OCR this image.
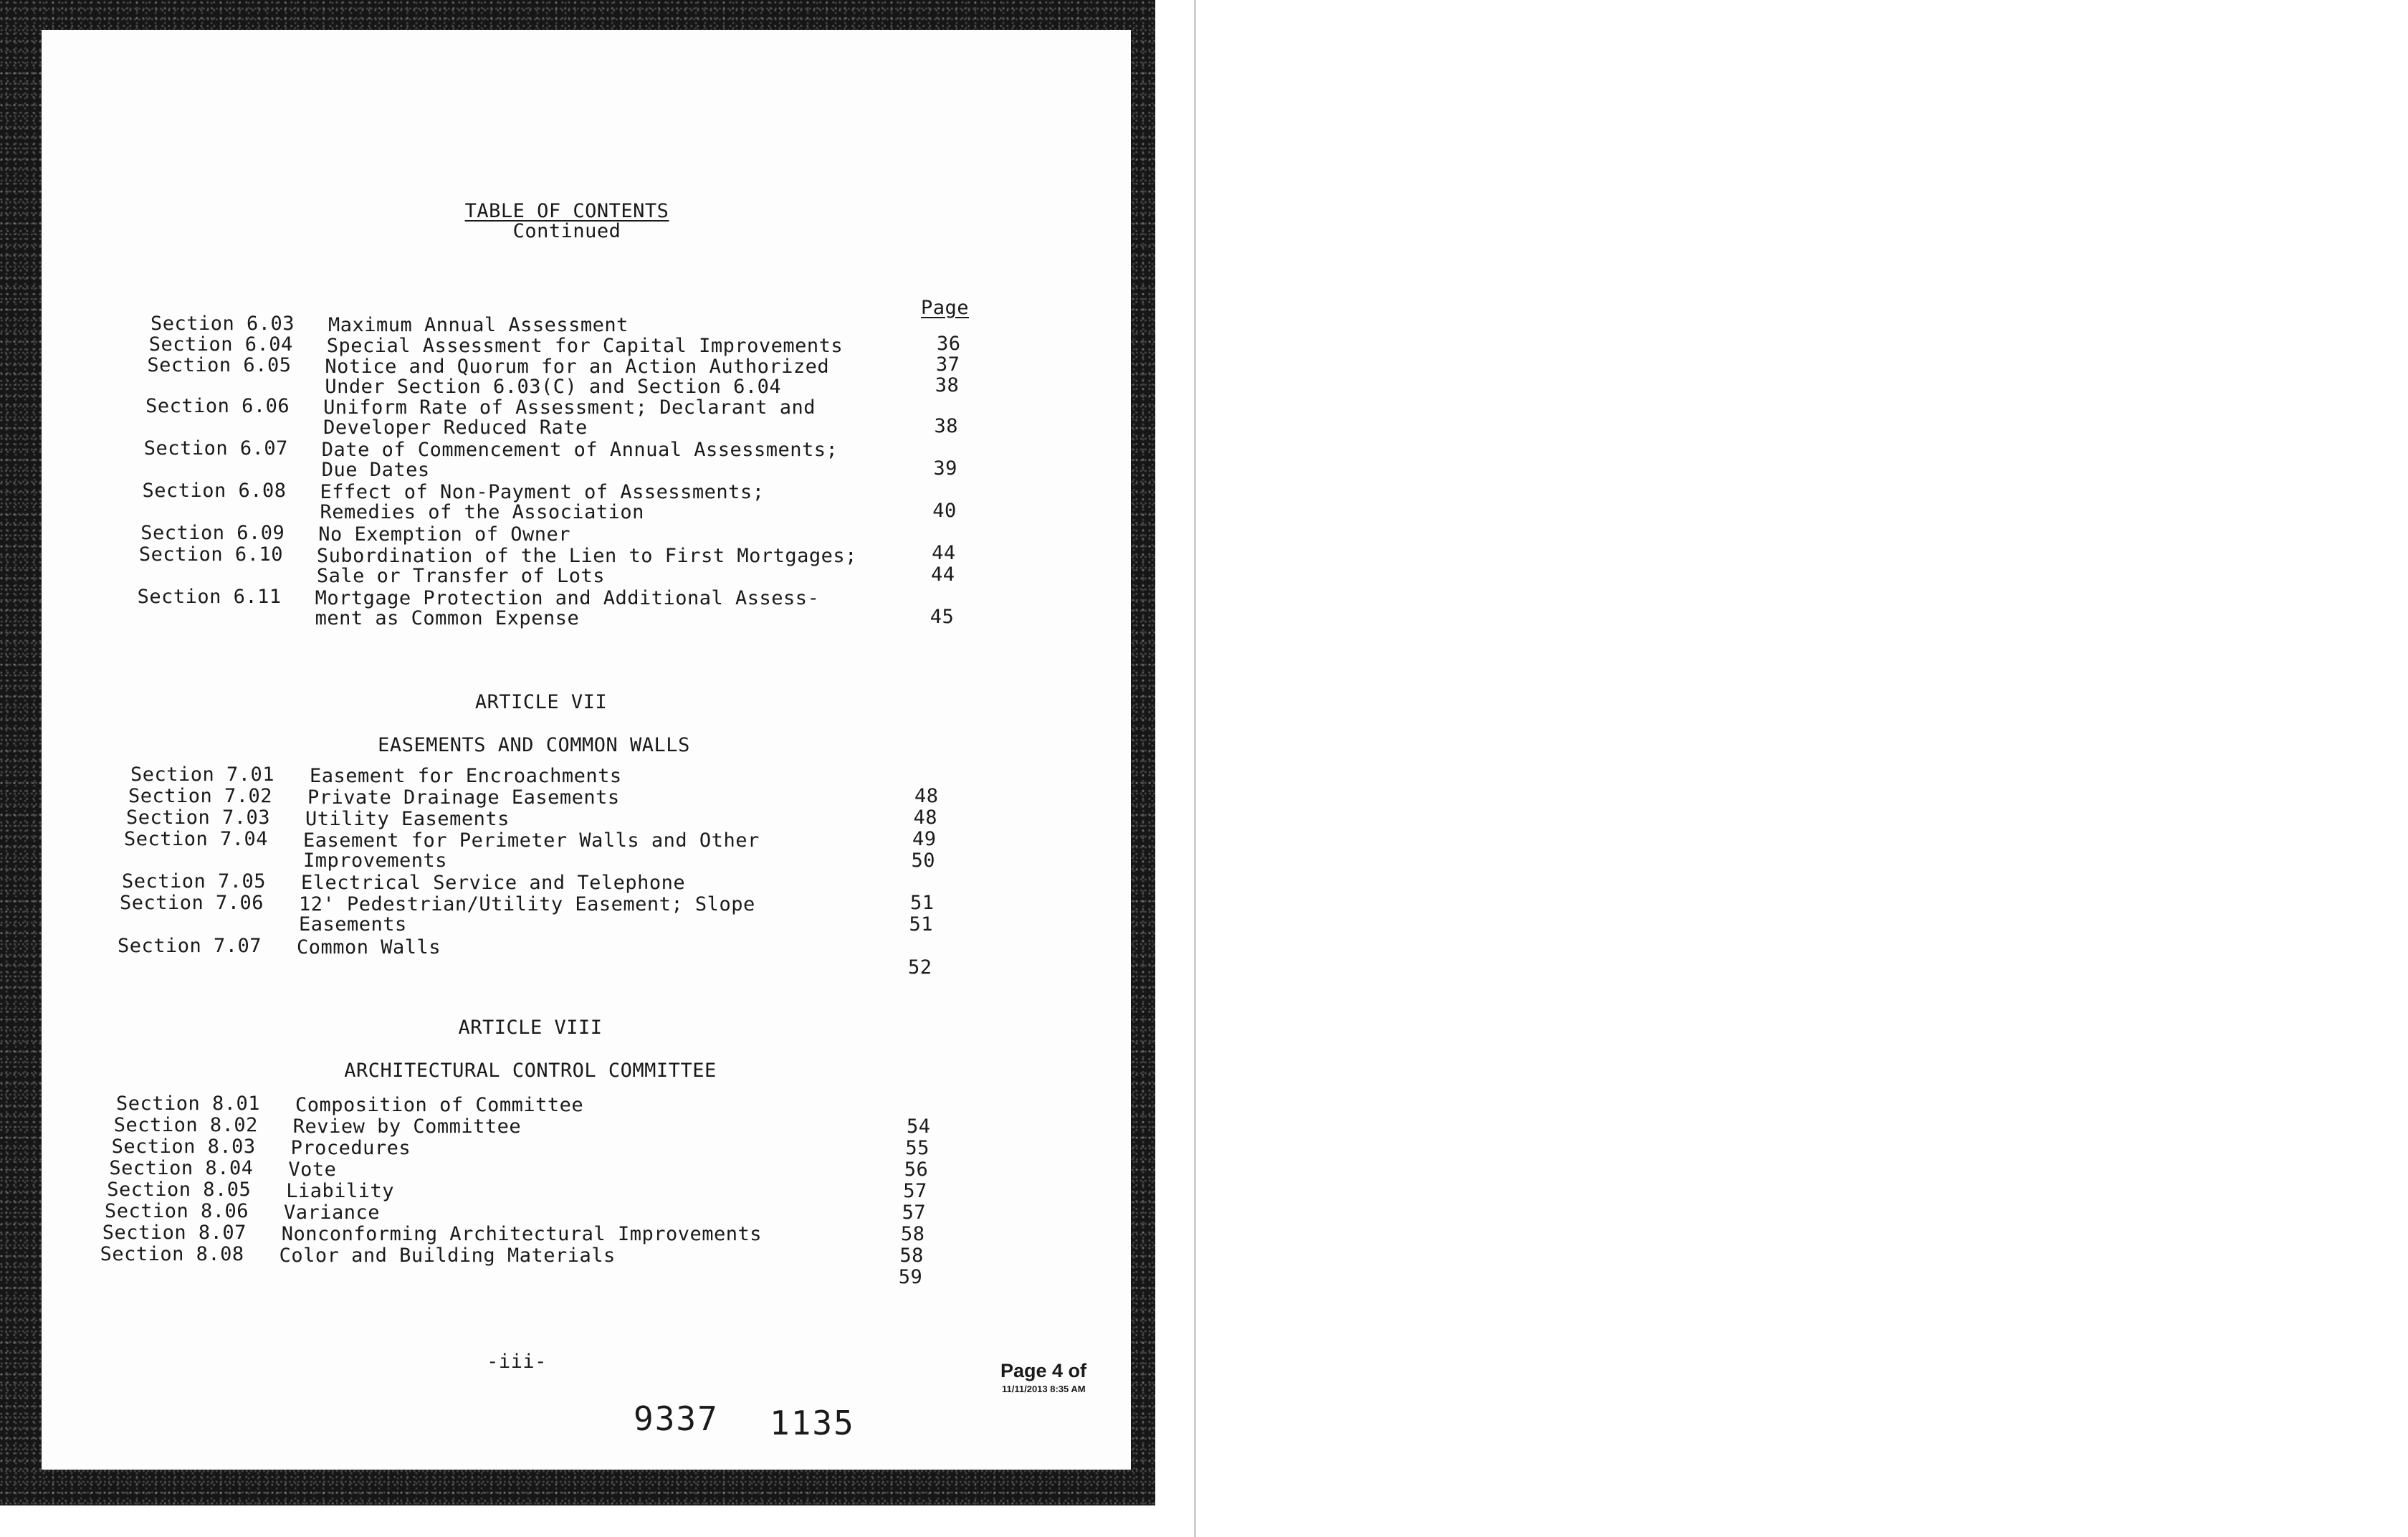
TABLE OF CONTENTS
Continued
Page
Section 6.03 Maximum Annual Assessment
36
Section 6.04 Special Assessment for Capital Improvements
37
Section 6.05 Notice and Quorum for an Action Authorized
Under Section 6.03(C) and Section 6.04	38
Section 6.06 Uniform Rate of Assessment; Declarant and
Developer Reduced Rate	38
Section 6.07 Date of Commencement of Annual Assessments;
Due Dates	39
Section 6.08 Effect of Non-Payment of Assessments;
Remedies of the Association	40
Section 6.09 No Exemption of Owner
44
Section 6.10 Subordination of the Lien to First Mortgages;
Sale or Transfer of Lots	44
Section 6.11 Mortgage Protection and Additional Assess-
ment as Common Expense	45
ARTICLE VII
EASEMENTS AND COMMON WALLS
Section 7.01 Easement for Encroachments
48
Section 7.02 Private Drainage Easements
48
Section 7.03 Utility Easements
49
Section 7.04 Easement for Perimeter Walls and Other
Improvements	50
Section 7.05 Electrical Service and Telephone
51
Section 7.06 12' Pedestrian/Utility Easement; Slope
Easements	51
Section 7.07 Common Walls
52
ARTICLE VIII
ARCHITECTURAL CONTROL COMMITTEE
Section 8.01 Composition of Committee
54
Section 8.02 Review by Committee
55
Section 8.03 Procedures
56
Section 8.04 Vote
57
Section 8.05 Liability
57
Section 8.06 Variance
58
Section 8.07 Nonconforming Architectural Improvements
58
Section 8.08 Color and Building Materials
59
-iii-
9337 1135
Page 4 of
11/11/2013 8:35 AM
